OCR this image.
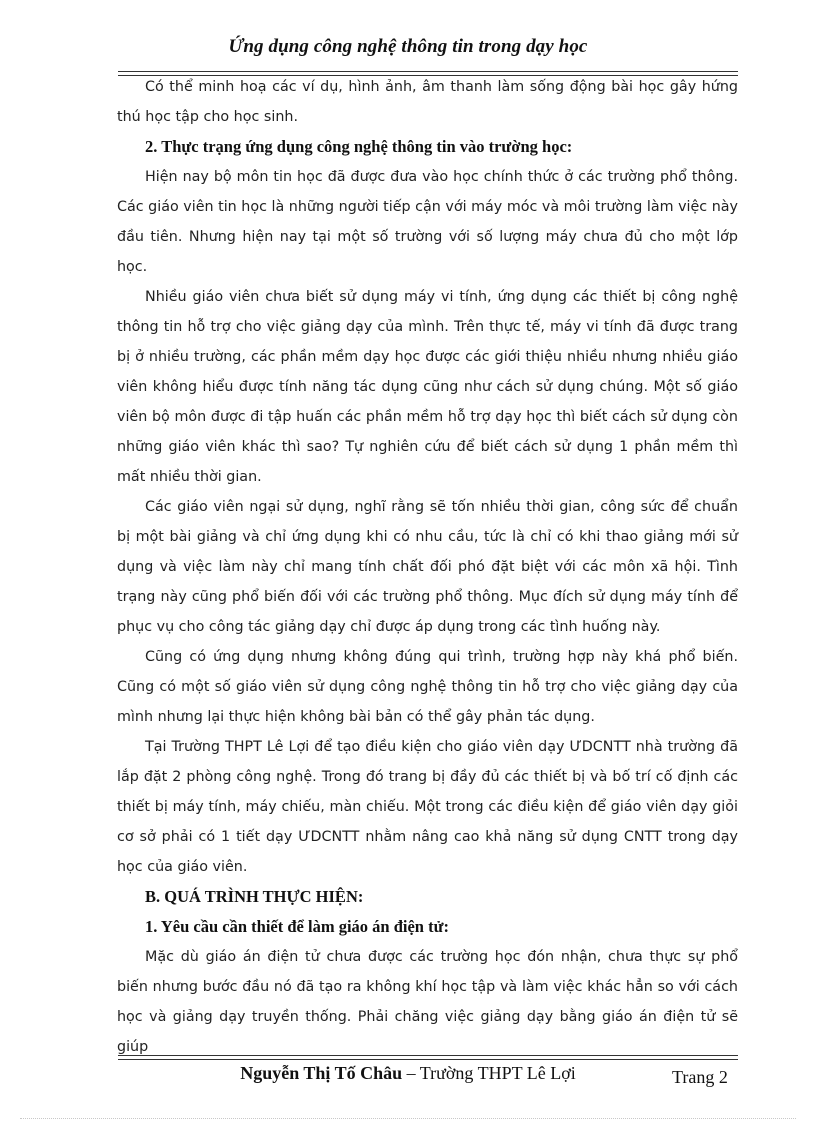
Ứng dụng công nghệ thông tin trong dạy học

Có thể minh hoạ các ví dụ, hình ảnh, âm thanh làm sống động bài học gây hứng thú học tập cho học sinh.

2. Thực trạng ứng dụng công nghệ thông tin vào trường học:

Hiện nay bộ môn tin học đã được đưa vào học chính thức ở các trường phổ thông. Các giáo viên tin học là những người tiếp cận với máy móc và môi trường làm việc này đầu tiên. Nhưng hiện nay tại một số trường với số lượng máy chưa đủ cho một lớp học.

Nhiều giáo viên chưa biết sử dụng máy vi tính, ứng dụng các thiết bị công nghệ thông tin hỗ trợ cho việc giảng dạy của mình. Trên thực tế, máy vi tính đã được trang bị ở nhiều trường, các phần mềm dạy học được các giới thiệu nhiều nhưng nhiều giáo viên không hiểu được tính năng tác dụng cũng như cách sử dụng chúng. Một số giáo viên bộ môn được đi tập huấn các phần mềm hỗ trợ dạy học thì biết cách sử dụng còn những giáo viên khác thì sao? Tự nghiên cứu để biết cách sử dụng 1 phần mềm thì mất nhiều thời gian.

Các giáo viên ngại sử dụng, nghĩ rằng sẽ tốn nhiều thời gian, công sức để chuẩn bị một bài giảng và chỉ ứng dụng khi có nhu cầu, tức là chỉ có khi thao giảng mới sử dụng và việc làm này chỉ mang tính chất đối phó đặt biệt với các môn xã hội. Tình trạng này cũng phổ biến đối với các trường phổ thông. Mục đích sử dụng máy tính để phục vụ cho công tác giảng dạy chỉ được áp dụng trong các tình huống này.

Cũng có ứng dụng nhưng không đúng qui trình, trường hợp này khá phổ biến. Cũng có một số giáo viên sử dụng công nghệ thông tin hỗ trợ cho việc giảng dạy của mình nhưng lại thực hiện không bài bản có thể gây phản tác dụng.

Tại Trường THPT Lê Lợi để tạo điều kiện cho giáo viên dạy ƯDCNTT nhà trường đã lắp đặt 2 phòng công nghệ. Trong đó trang bị đầy đủ các thiết bị và bố trí cố định các thiết bị máy tính, máy chiếu, màn chiếu. Một trong các điều kiện để giáo viên dạy giỏi cơ sở phải có 1 tiết dạy ƯDCNTT nhằm nâng cao khả năng sử dụng CNTT trong dạy học của giáo viên.

B. QUÁ TRÌNH THỰC HIỆN:

1. Yêu cầu cần thiết để làm giáo án điện tử:

Mặc dù giáo án điện tử chưa được các trường học đón nhận, chưa thực sự phổ biến nhưng bước đầu nó đã tạo ra không khí học tập và làm việc khác hẳn so với cách học và giảng dạy truyền thống. Phải chăng việc giảng dạy bằng giáo án điện tử sẽ giúp

Nguyễn Thị Tố Châu – Trường THPT Lê Lợi	Trang 2
